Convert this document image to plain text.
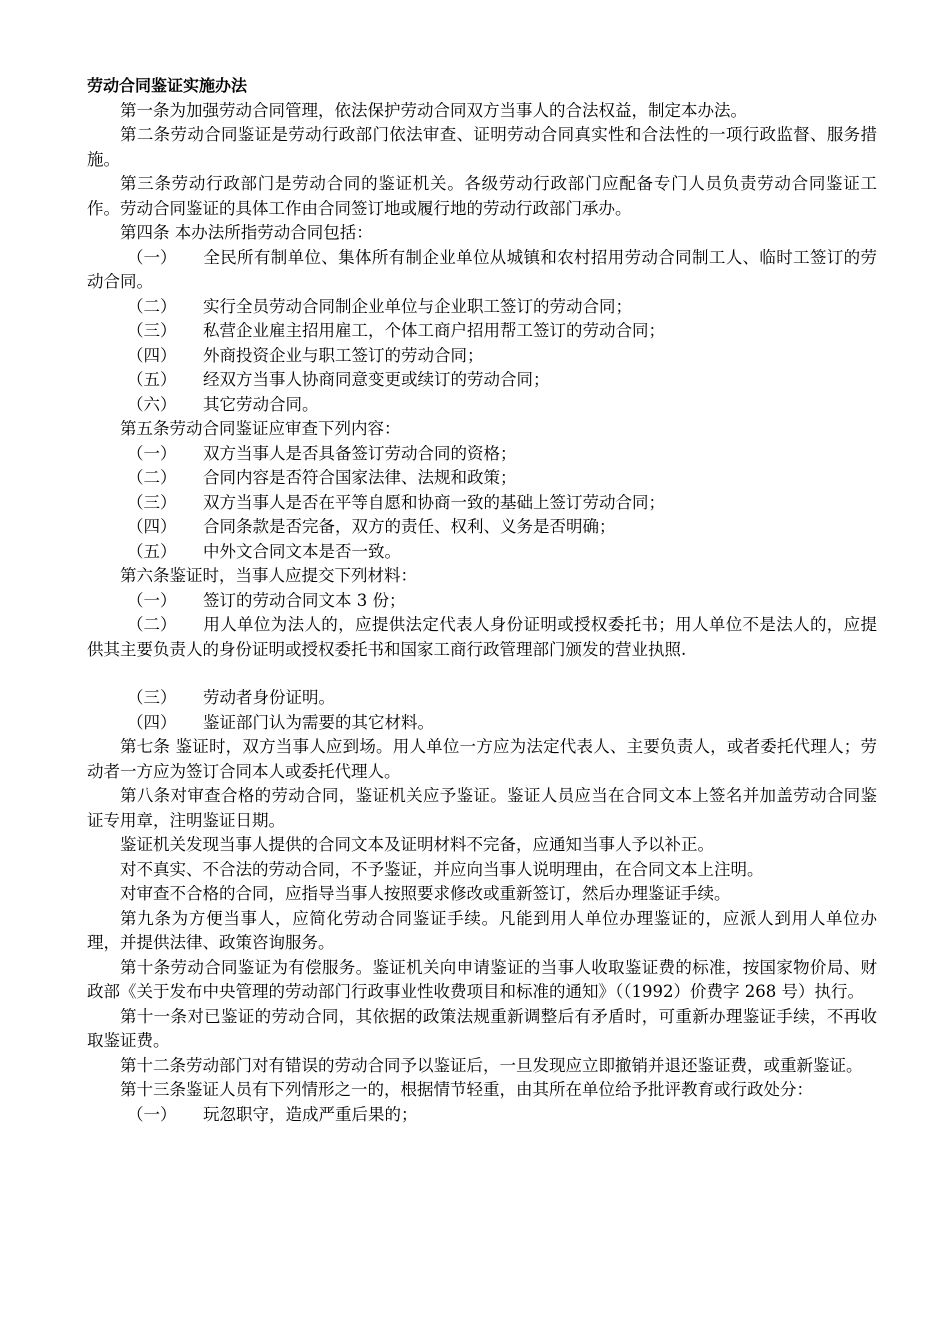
劳动合同鉴证实施办法

第一条为加强劳动合同管理，依法保护劳动合同双方当事人的合法权益，制定本办法。

第二条劳动合同鉴证是劳动行政部门依法审查、证明劳动合同真实性和合法性的一项行政监督、服务措施。

第三条劳动行政部门是劳动合同的鉴证机关。各级劳动行政部门应配备专门人员负责劳动合同鉴证工作。劳动合同鉴证的具体工作由合同签订地或履行地的劳动行政部门承办。

第四条 本办法所指劳动合同包括：

（一） 全民所有制单位、集体所有制企业单位从城镇和农村招用劳动合同制工人、临时工签订的劳动合同。
（二） 实行全员劳动合同制企业单位与企业职工签订的劳动合同；
（三） 私营企业雇主招用雇工，个体工商户招用帮工签订的劳动合同；
（四） 外商投资企业与职工签订的劳动合同；
（五） 经双方当事人协商同意变更或续订的劳动合同；
（六） 其它劳动合同。

第五条劳动合同鉴证应审查下列内容：

（一） 双方当事人是否具备签订劳动合同的资格；
（二） 合同内容是否符合国家法律、法规和政策；
（三） 双方当事人是否在平等自愿和协商一致的基础上签订劳动合同；
（四） 合同条款是否完备，双方的责任、权利、义务是否明确；
（五） 中外文合同文本是否一致。

第六条鉴证时，当事人应提交下列材料：

（一） 签订的劳动合同文本 3 份；
（二） 用人单位为法人的，应提供法定代表人身份证明或授权委托书；用人单位不是法人的，应提供其主要负责人的身份证明或授权委托书和国家工商行政管理部门颁发的营业执照.
（三） 劳动者身份证明。
（四） 鉴证部门认为需要的其它材料。

第七条 鉴证时，双方当事人应到场。用人单位一方应为法定代表人、主要负责人，或者委托代理人；劳动者一方应为签订合同本人或委托代理人。

第八条对审查合格的劳动合同，鉴证机关应予鉴证。鉴证人员应当在合同文本上签名并加盖劳动合同鉴证专用章，注明鉴证日期。

鉴证机关发现当事人提供的合同文本及证明材料不完备，应通知当事人予以补正。

对不真实、不合法的劳动合同，不予鉴证，并应向当事人说明理由，在合同文本上注明。

对审查不合格的合同，应指导当事人按照要求修改或重新签订，然后办理鉴证手续。

第九条为方便当事人，应简化劳动合同鉴证手续。凡能到用人单位办理鉴证的，应派人到用人单位办理，并提供法律、政策咨询服务。

第十条劳动合同鉴证为有偿服务。鉴证机关向申请鉴证的当事人收取鉴证费的标准，按国家物价局、财政部《关于发布中央管理的劳动部门行政事业性收费项目和标准的通知》（（1992）价费字 268 号）执行。

第十一条对已鉴证的劳动合同，其依据的政策法规重新调整后有矛盾时，可重新办理鉴证手续，不再收取鉴证费。

第十二条劳动部门对有错误的劳动合同予以鉴证后，一旦发现应立即撤销并退还鉴证费，或重新鉴证。

第十三条鉴证人员有下列情形之一的，根据情节轻重，由其所在单位给予批评教育或行政处分：

（一） 玩忽职守，造成严重后果的；
